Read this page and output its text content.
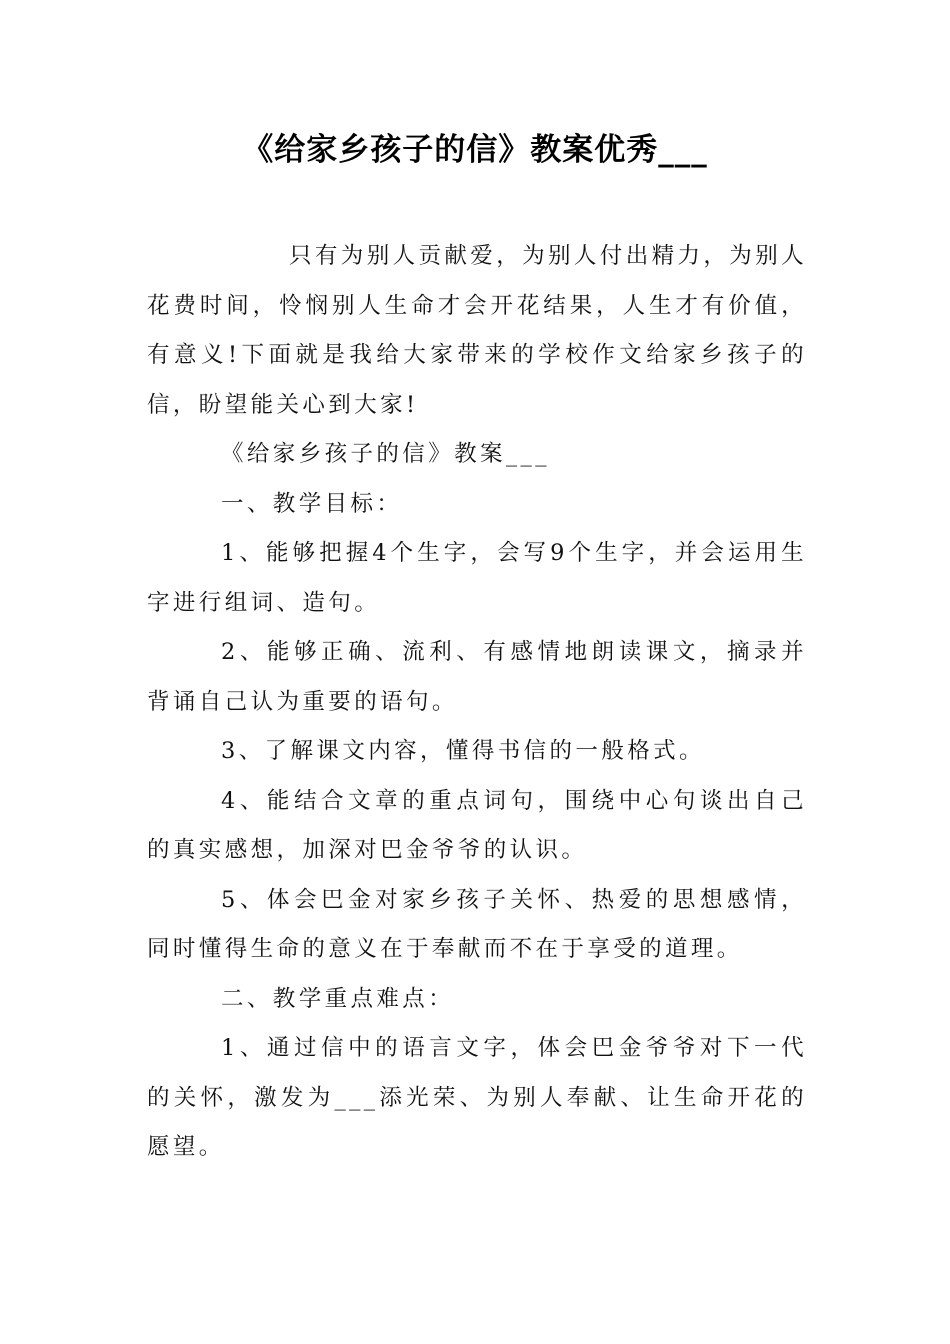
《给家乡孩子的信》教案优秀___

只有为别人贡献爱，为别人付出精力，为别人花费时间，怜悯别人生命才会开花结果，人生才有价值，有意义!下面就是我给大家带来的学校作文给家乡孩子的信，盼望能关心到大家!

《给家乡孩子的信》教案___

一、教学目标：

1、能够把握4个生字，会写9个生字，并会运用生字进行组词、造句。

2、能够正确、流利、有感情地朗读课文，摘录并背诵自己认为重要的语句。

3、了解课文内容，懂得书信的一般格式。

4、能结合文章的重点词句，围绕中心句谈出自己的真实感想，加深对巴金爷爷的认识。

5、体会巴金对家乡孩子关怀、热爱的思想感情，同时懂得生命的意义在于奉献而不在于享受的道理。

二、教学重点难点：

1、通过信中的语言文字，体会巴金爷爷对下一代的关怀，激发为___添光荣、为别人奉献、让生命开花的愿望。
